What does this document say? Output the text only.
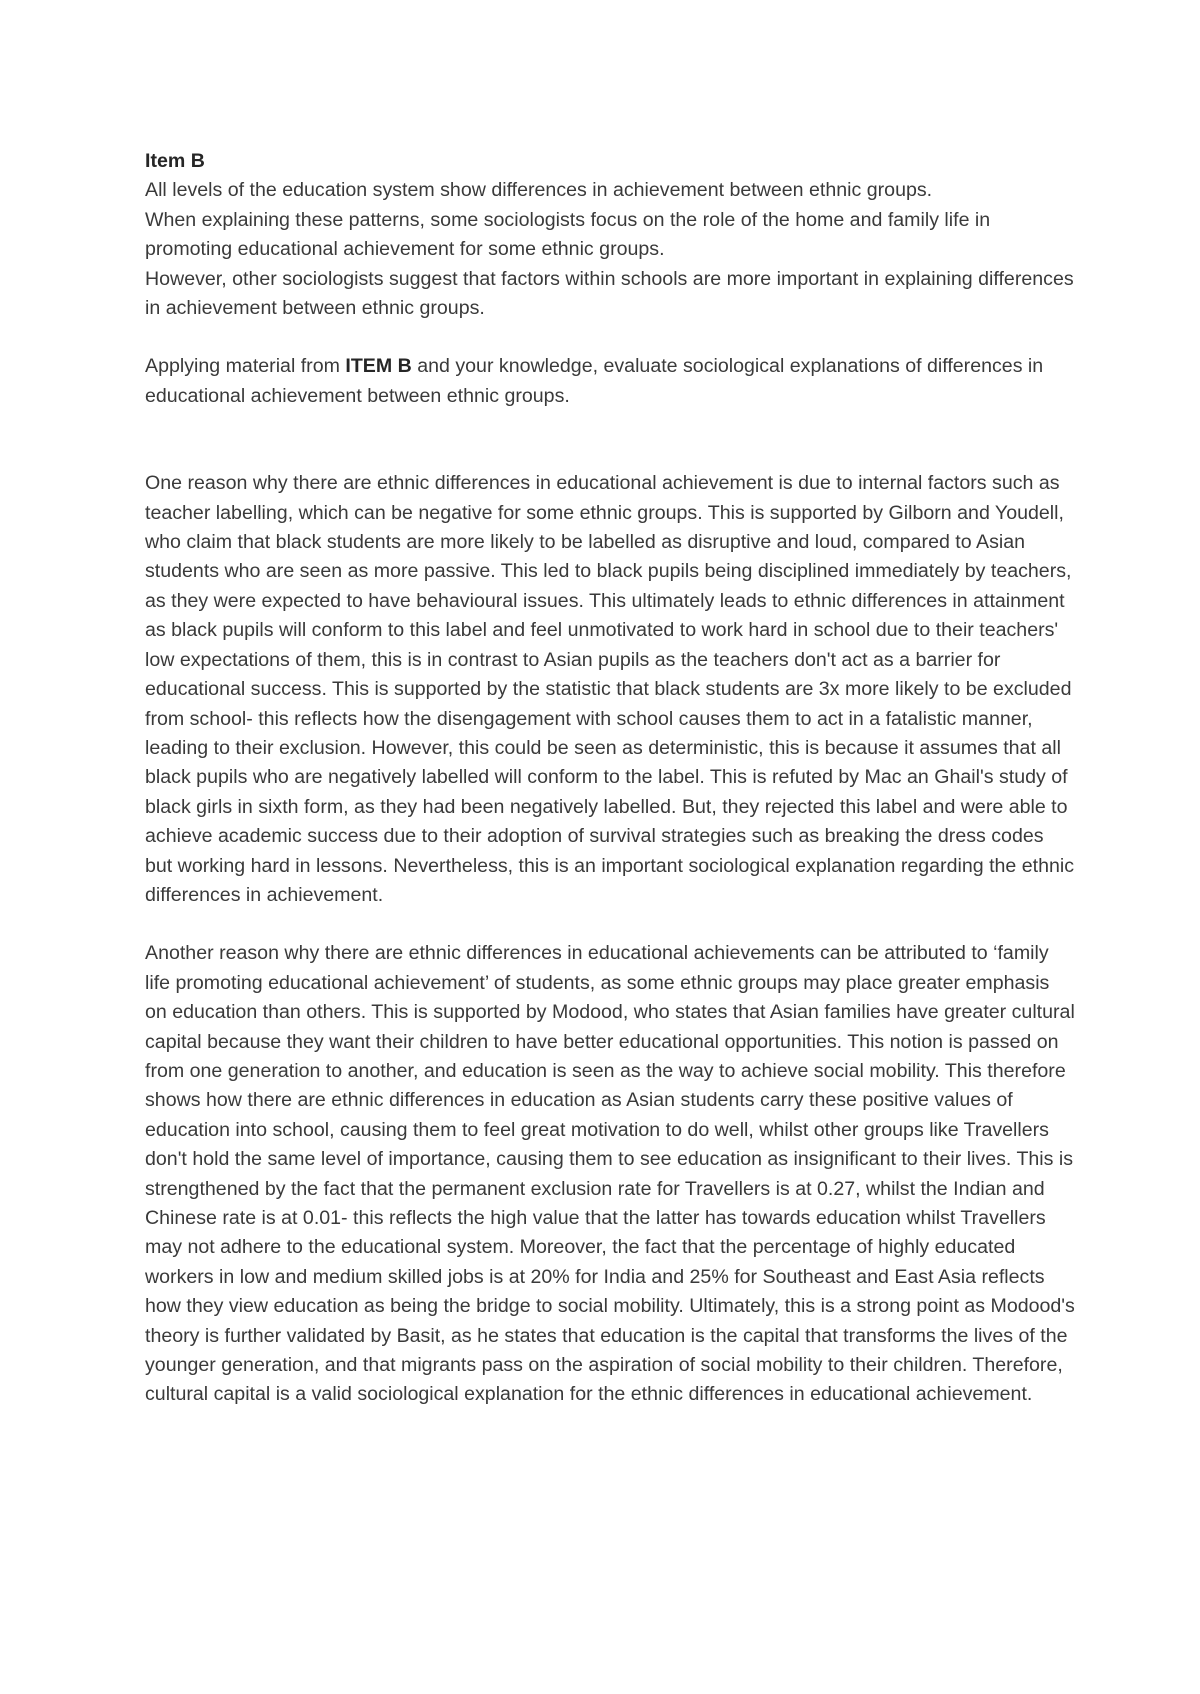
Item B

All levels of the education system show differences in achievement between ethnic groups.

When explaining these patterns, some sociologists focus on the role of the home and family life in promoting educational achievement for some ethnic groups.

However, other sociologists suggest that factors within schools are more important in explaining differences in achievement between ethnic groups.

Applying material from ITEM B and your knowledge, evaluate sociological explanations of differences in educational achievement between ethnic groups.

One reason why there are ethnic differences in educational achievement is due to internal factors such as teacher labelling, which can be negative for some ethnic groups. This is supported by Gilborn and Youdell, who claim that black students are more likely to be labelled as disruptive and loud, compared to Asian students who are seen as more passive. This led to black pupils being disciplined immediately by teachers, as they were expected to have behavioural issues. This ultimately leads to ethnic differences in attainment as black pupils will conform to this label and feel unmotivated to work hard in school due to their teachers' low expectations of them, this is in contrast to Asian pupils as the teachers don't act as a barrier for educational success. This is supported by the statistic that black students are 3x more likely to be excluded from school- this reflects how the disengagement with school causes them to act in a fatalistic manner, leading to their exclusion. However, this could be seen as deterministic, this is because it assumes that all black pupils who are negatively labelled will conform to the label. This is refuted by Mac an Ghail's study of black girls in sixth form, as they had been negatively labelled. But, they rejected this label and were able to achieve academic success due to their adoption of survival strategies such as breaking the dress codes but working hard in lessons. Nevertheless, this is an important sociological explanation regarding the ethnic differences in achievement.

Another reason why there are ethnic differences in educational achievements can be attributed to ‘family life promoting educational achievement’ of students, as some ethnic groups may place greater emphasis on education than others. This is supported by Modood, who states that Asian families have greater cultural capital because they want their children to have better educational opportunities. This notion is passed on from one generation to another, and education is seen as the way to achieve social mobility. This therefore shows how there are ethnic differences in education as Asian students carry these positive values of education into school, causing them to feel great motivation to do well, whilst other groups like Travellers don't hold the same level of importance, causing them to see education as insignificant to their lives. This is strengthened by the fact that the permanent exclusion rate for Travellers is at 0.27, whilst the Indian and Chinese rate is at 0.01- this reflects the high value that the latter has towards education whilst Travellers may not adhere to the educational system. Moreover, the fact that the percentage of highly educated workers in low and medium skilled jobs is at 20% for India and 25% for Southeast and East Asia reflects how they view education as being the bridge to social mobility. Ultimately, this is a strong point as Modood's theory is further validated by Basit, as he states that education is the capital that transforms the lives of the younger generation, and that migrants pass on the aspiration of social mobility to their children. Therefore, cultural capital is a valid sociological explanation for the ethnic differences in educational achievement.
